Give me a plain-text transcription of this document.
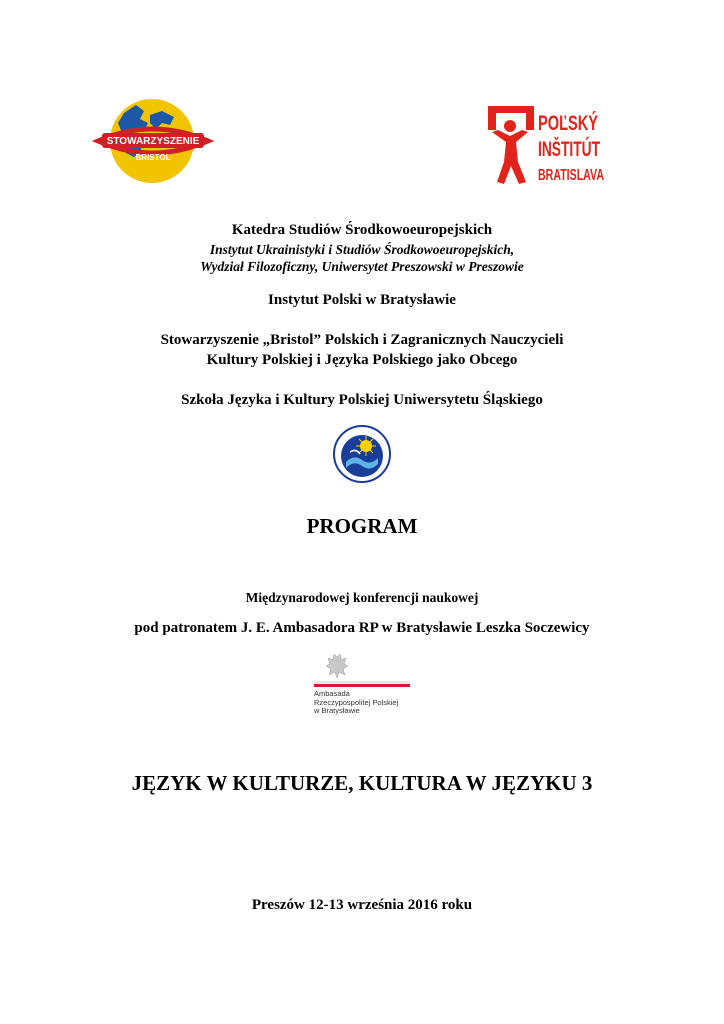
STOWARZYSZENIE
BRISTOL
POĽSKÝ
INŠTITÚT
BRATISLAVA
Katedra Studiów Środkowoeuropejskich
Instytut Ukrainistyki i Studiów Środkowoeuropejskich,
Wydział Filozoficzny, Uniwersytet Preszowski w Preszowie
Instytut Polski w Bratysławie
Stowarzyszenie „Bristol” Polskich i Zagranicznych Nauczycieli
Kultury Polskiej i Języka Polskiego jako Obcego
Szkoła Języka i Kultury Polskiej Uniwersytetu Śląskiego
PROGRAM
Międzynarodowej konferencji naukowej
pod patronatem J. E. Ambasadora RP w Bratysławie Leszka Soczewicy
Ambasada
Rzeczypospolitej Polskiej
w Bratysławie
JĘZYK W KULTURZE, KULTURA W JĘZYKU 3
Preszów 12-13 września 2016 roku
